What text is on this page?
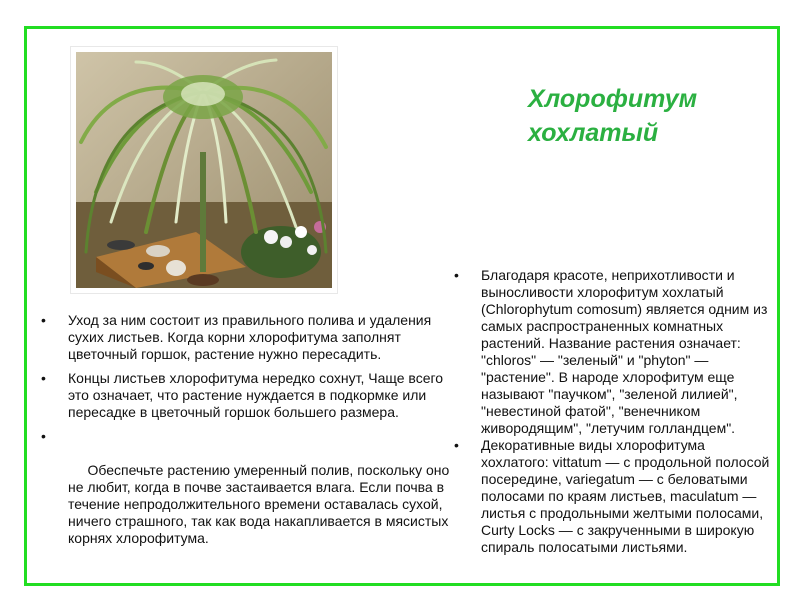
Хлорофитум
хохлатый
• Уход за ним состоит из правильного полива и удаления сухих листьев. Когда корни хлорофитума заполнят цветочный горшок, растение нужно пересадить.
• Концы листьев хлорофитума нередко сохнут, Чаще всего это означает, что растение нуждается в подкормке или пересадке в цветочный горшок большего размера.

•

Обеспечьте растению умеренный полив, поскольку оно не любит, когда в почве застаивается влага. Если почва в течение непродолжительного времени оставалась сухой, ничего страшного, так как вода накапливается в мясистых корнях хлорофитума.

• Благодаря красоте, неприхотливости и выносливости хлорофитум хохлатый (Chlorophytum comosum) является одним из самых распространенных комнатных растений. Название растения означает: "chloros" — "зеленый" и "phyton" — "растение". В народе хлорофитум еще называют "паучком", "зеленой лилией", "невестиной фатой", "венечником живородящим", "летучим голландцем".
• Декоративные виды хлорофитума хохлатого: vittatum — с продольной полосой посередине, variegatum — с беловатыми полосами по краям листьев, maculatum — листья с продольными желтыми полосами, Curty Locks — с закрученными в широкую спираль полосатыми листьями.
